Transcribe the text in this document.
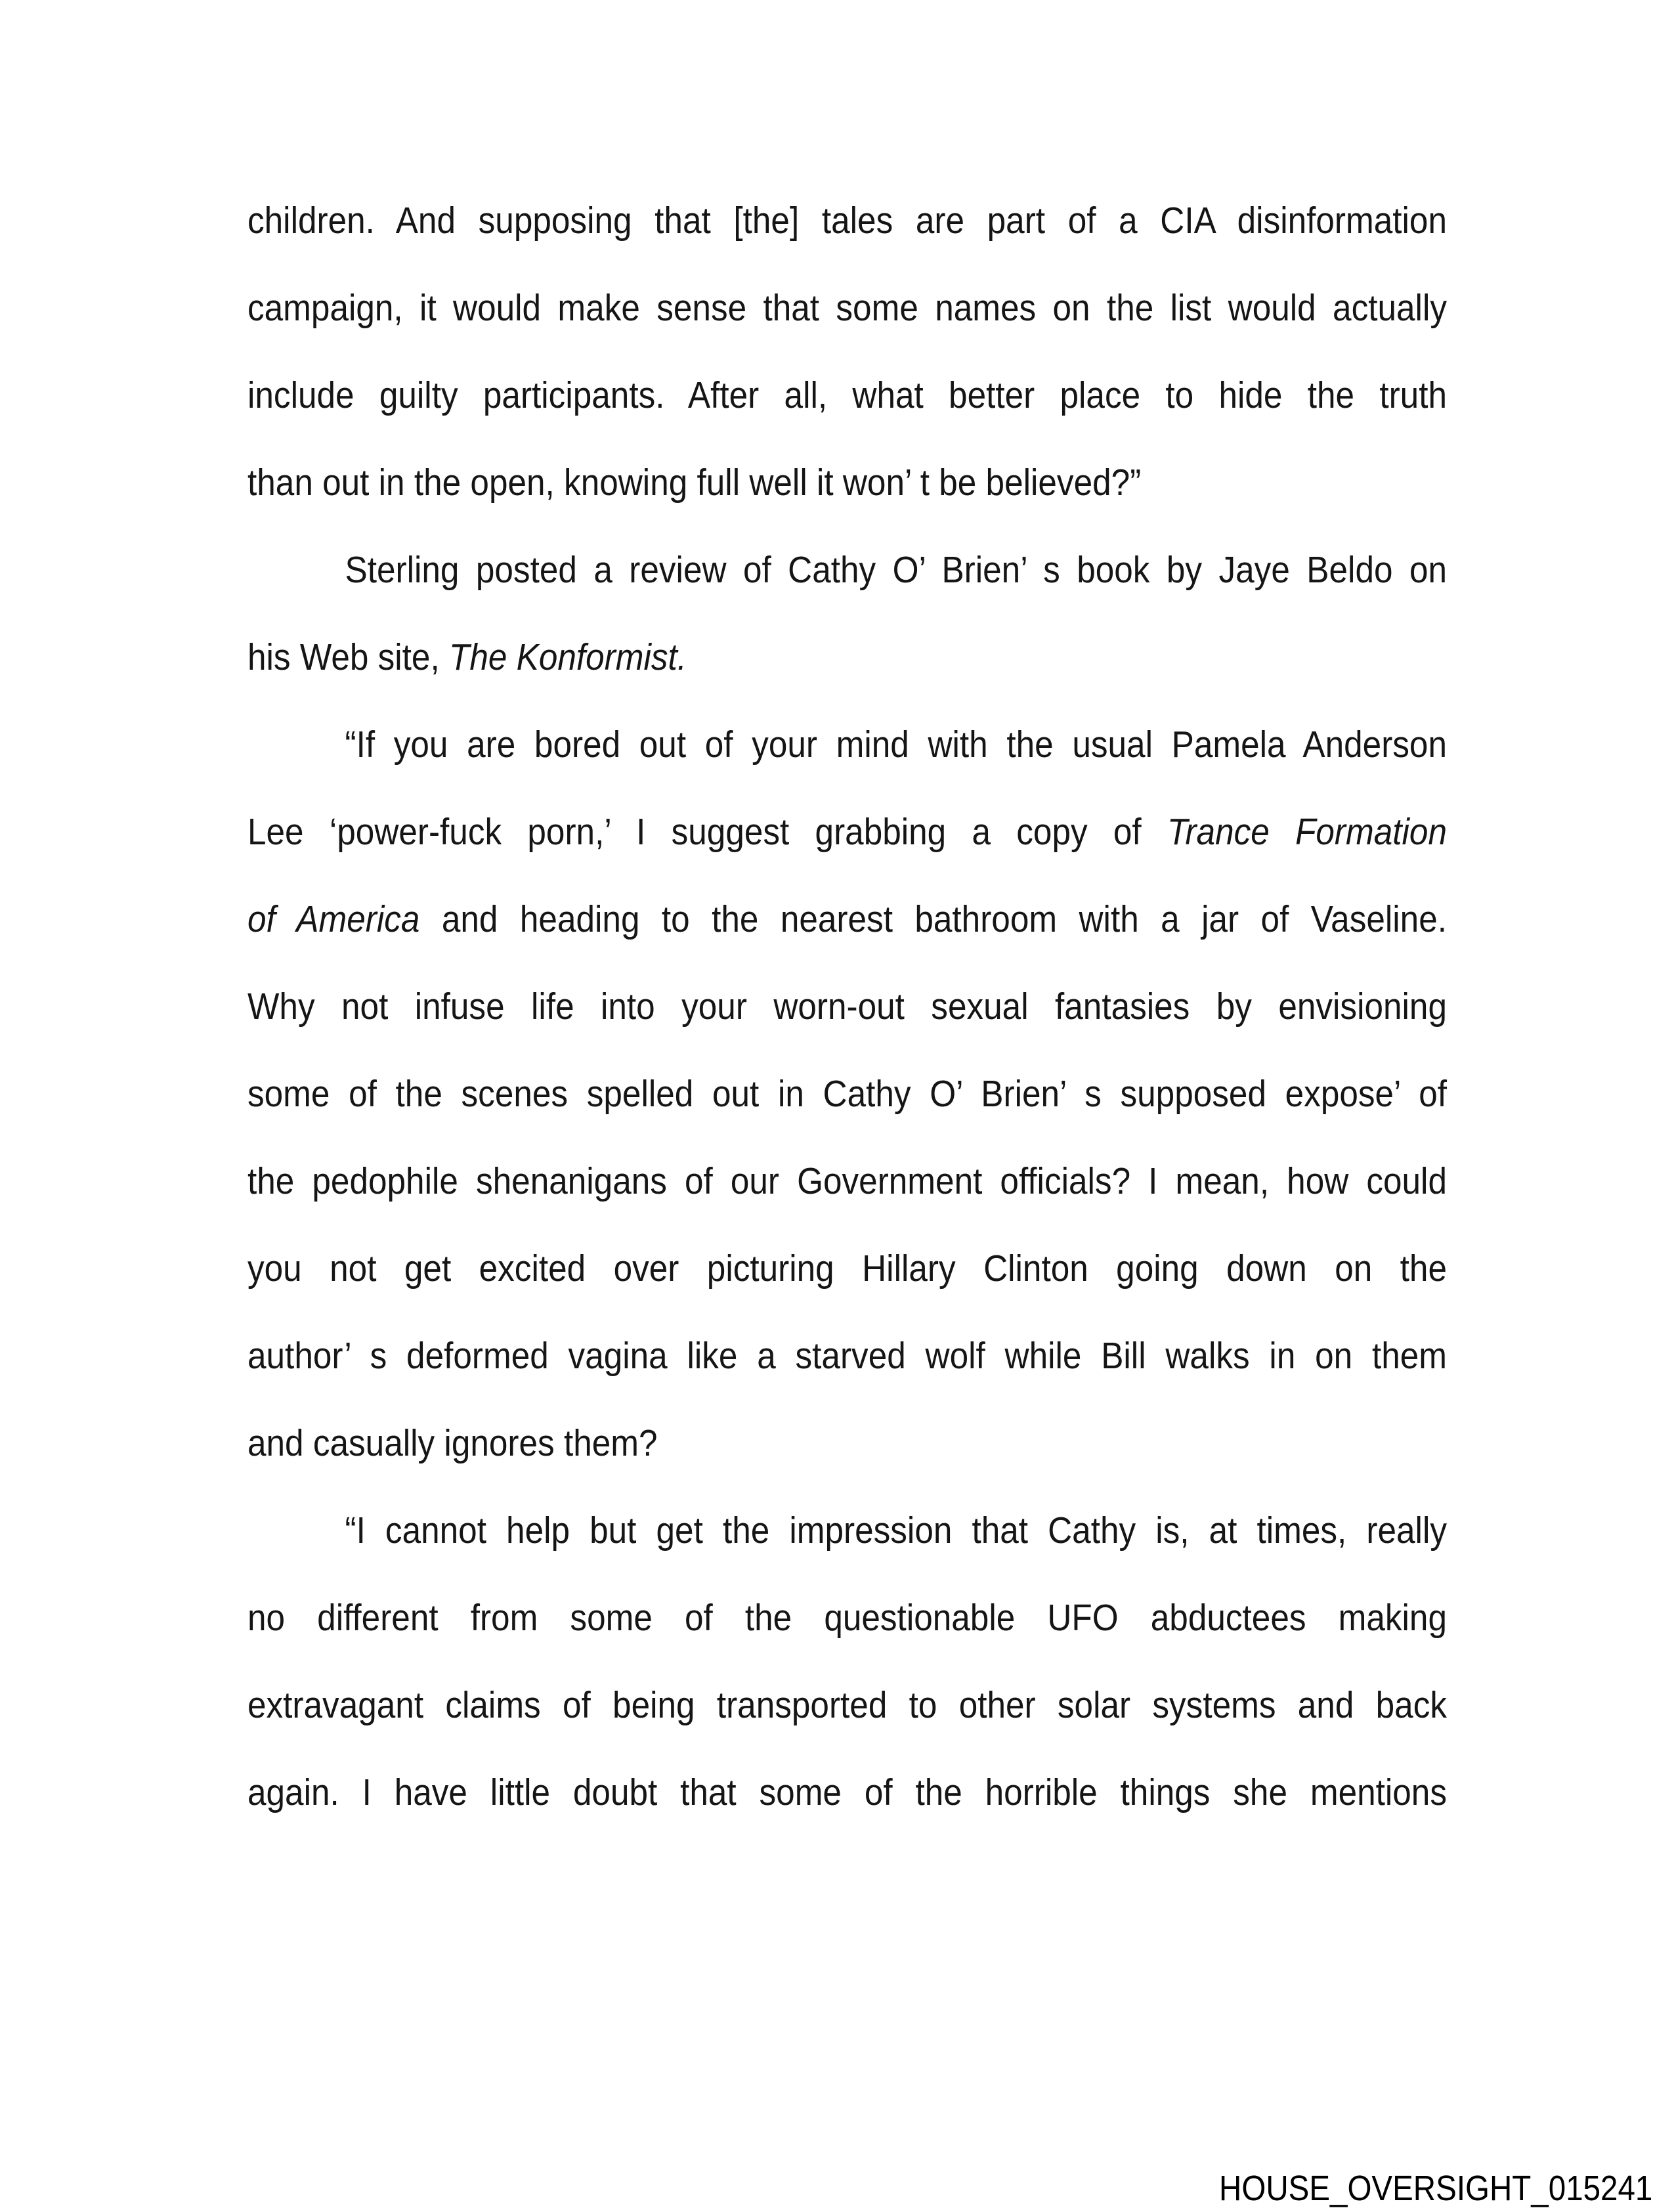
children. And supposing that [the] tales are part of a CIA disinformation
campaign, it would make sense that some names on the list would actually
include guilty participants. After all, what better place to hide the truth
than out in the open, knowing full well it won’ t be believed?”
Sterling posted a review of Cathy O’ Brien’ s book by Jaye Beldo on
his Web site, The Konformist.
“If you are bored out of your mind with the usual Pamela Anderson
Lee ‘power-fuck porn,’ I suggest grabbing a copy of Trance Formation
of America and heading to the nearest bathroom with a jar of Vaseline.
Why not infuse life into your worn-out sexual fantasies by envisioning
some of the scenes spelled out in Cathy O’ Brien’ s supposed expose’ of
the pedophile shenanigans of our Government officials? I mean, how could
you not get excited over picturing Hillary Clinton going down on the
author’ s deformed vagina like a starved wolf while Bill walks in on them
and casually ignores them?
“I cannot help but get the impression that Cathy is, at times, really
no different from some of the questionable UFO abductees making
extravagant claims of being transported to other solar systems and back
again. I have little doubt that some of the horrible things she mentions
HOUSE_OVERSIGHT_015241
